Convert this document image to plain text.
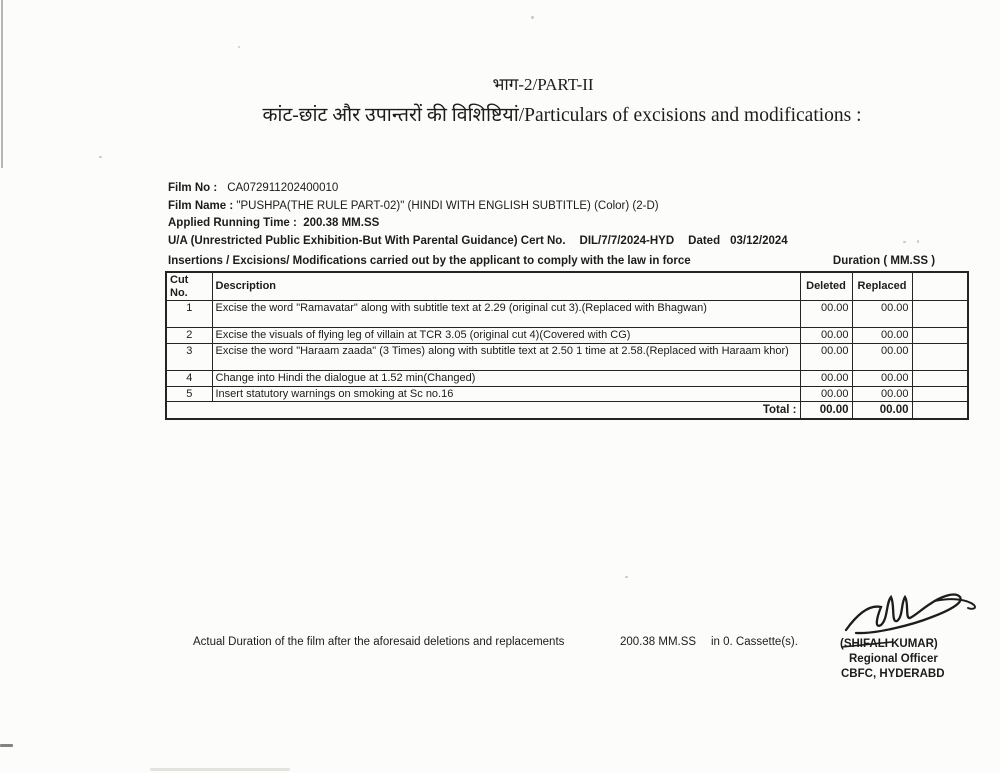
भाग-2/PART-II
कांट-छांट और उपान्तरों की विशिष्टियां/Particulars of excisions and modifications :
Film No : CA072911202400010
Film Name : "PUSHPA(THE RULE PART-02)" (HINDI WITH ENGLISH SUBTITLE) (Color) (2-D)
Applied Running Time : 200.38 MM.SS
U/A (Unrestricted Public Exhibition-But With Parental Guidance) Cert No. DIL/7/7/2024-HYD Dated 03/12/2024
Insertions / Excisions/ Modifications carried out by the applicant to comply with the law in force	Duration ( MM.SS )
Cut No.	Description	Deleted	Replaced	
1	Excise the word "Ramavatar" along with subtitle text at 2.29 (original cut 3).(Replaced with Bhagwan)	00.00	00.00	
2	Excise the visuals of flying leg of villain at TCR 3.05 (original cut 4)(Covered with CG)	00.00	00.00	
3	Excise the word "Haraam zaada" (3 Times) along with subtitle text at 2.50 1 time at 2.58.(Replaced with Haraam khor)	00.00	00.00	
4	Change into Hindi the dialogue at 1.52 min(Changed)	00.00	00.00	
5	Insert statutory warnings on smoking at Sc no.16	00.00	00.00	
Total :		00.00	00.00	
Actual Duration of the film after the aforesaid deletions and replacements	200.38 MM.SS in 0. Cassette(s).	(SHIFALI KUMAR)
Regional Officer
CBFC, HYDERABD
